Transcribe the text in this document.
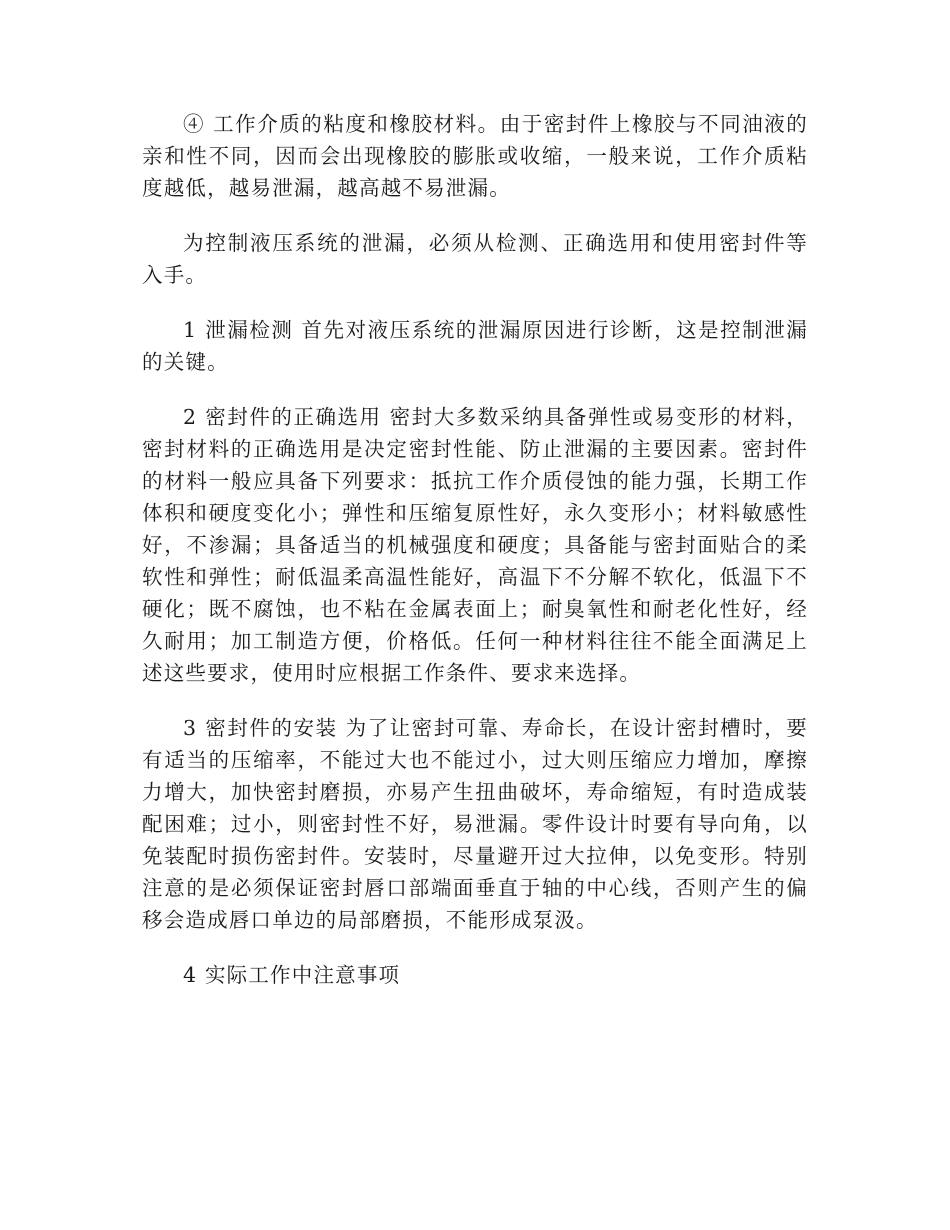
④ 工作介质的粘度和橡胶材料。由于密封件上橡胶与不同油液的亲和性不同，因而会出现橡胶的膨胀或收缩，一般来说，工作介质粘度越低，越易泄漏，越高越不易泄漏。

为控制液压系统的泄漏，必须从检测、正确选用和使用密封件等入手。

1 泄漏检测 首先对液压系统的泄漏原因进行诊断，这是控制泄漏的关键。

2 密封件的正确选用 密封大多数采纳具备弹性或易变形的材料，密封材料的正确选用是决定密封性能、防止泄漏的主要因素。密封件的材料一般应具备下列要求：抵抗工作介质侵蚀的能力强，长期工作体积和硬度变化小；弹性和压缩复原性好，永久变形小；材料敏感性好，不渗漏；具备适当的机械强度和硬度；具备能与密封面贴合的柔软性和弹性；耐低温柔高温性能好，高温下不分解不软化，低温下不硬化；既不腐蚀，也不粘在金属表面上；耐臭氧性和耐老化性好，经久耐用；加工制造方便，价格低。任何一种材料往往不能全面满足上述这些要求，使用时应根据工作条件、要求来选择。

3 密封件的安装 为了让密封可靠、寿命长，在设计密封槽时，要有适当的压缩率，不能过大也不能过小，过大则压缩应力增加，摩擦力增大，加快密封磨损，亦易产生扭曲破坏，寿命缩短，有时造成装配困难；过小，则密封性不好，易泄漏。零件设计时要有导向角，以免装配时损伤密封件。安装时，尽量避开过大拉伸，以免变形。特别注意的是必须保证密封唇口部端面垂直于轴的中心线，否则产生的偏移会造成唇口单边的局部磨损，不能形成泵汲。

4 实际工作中注意事项
